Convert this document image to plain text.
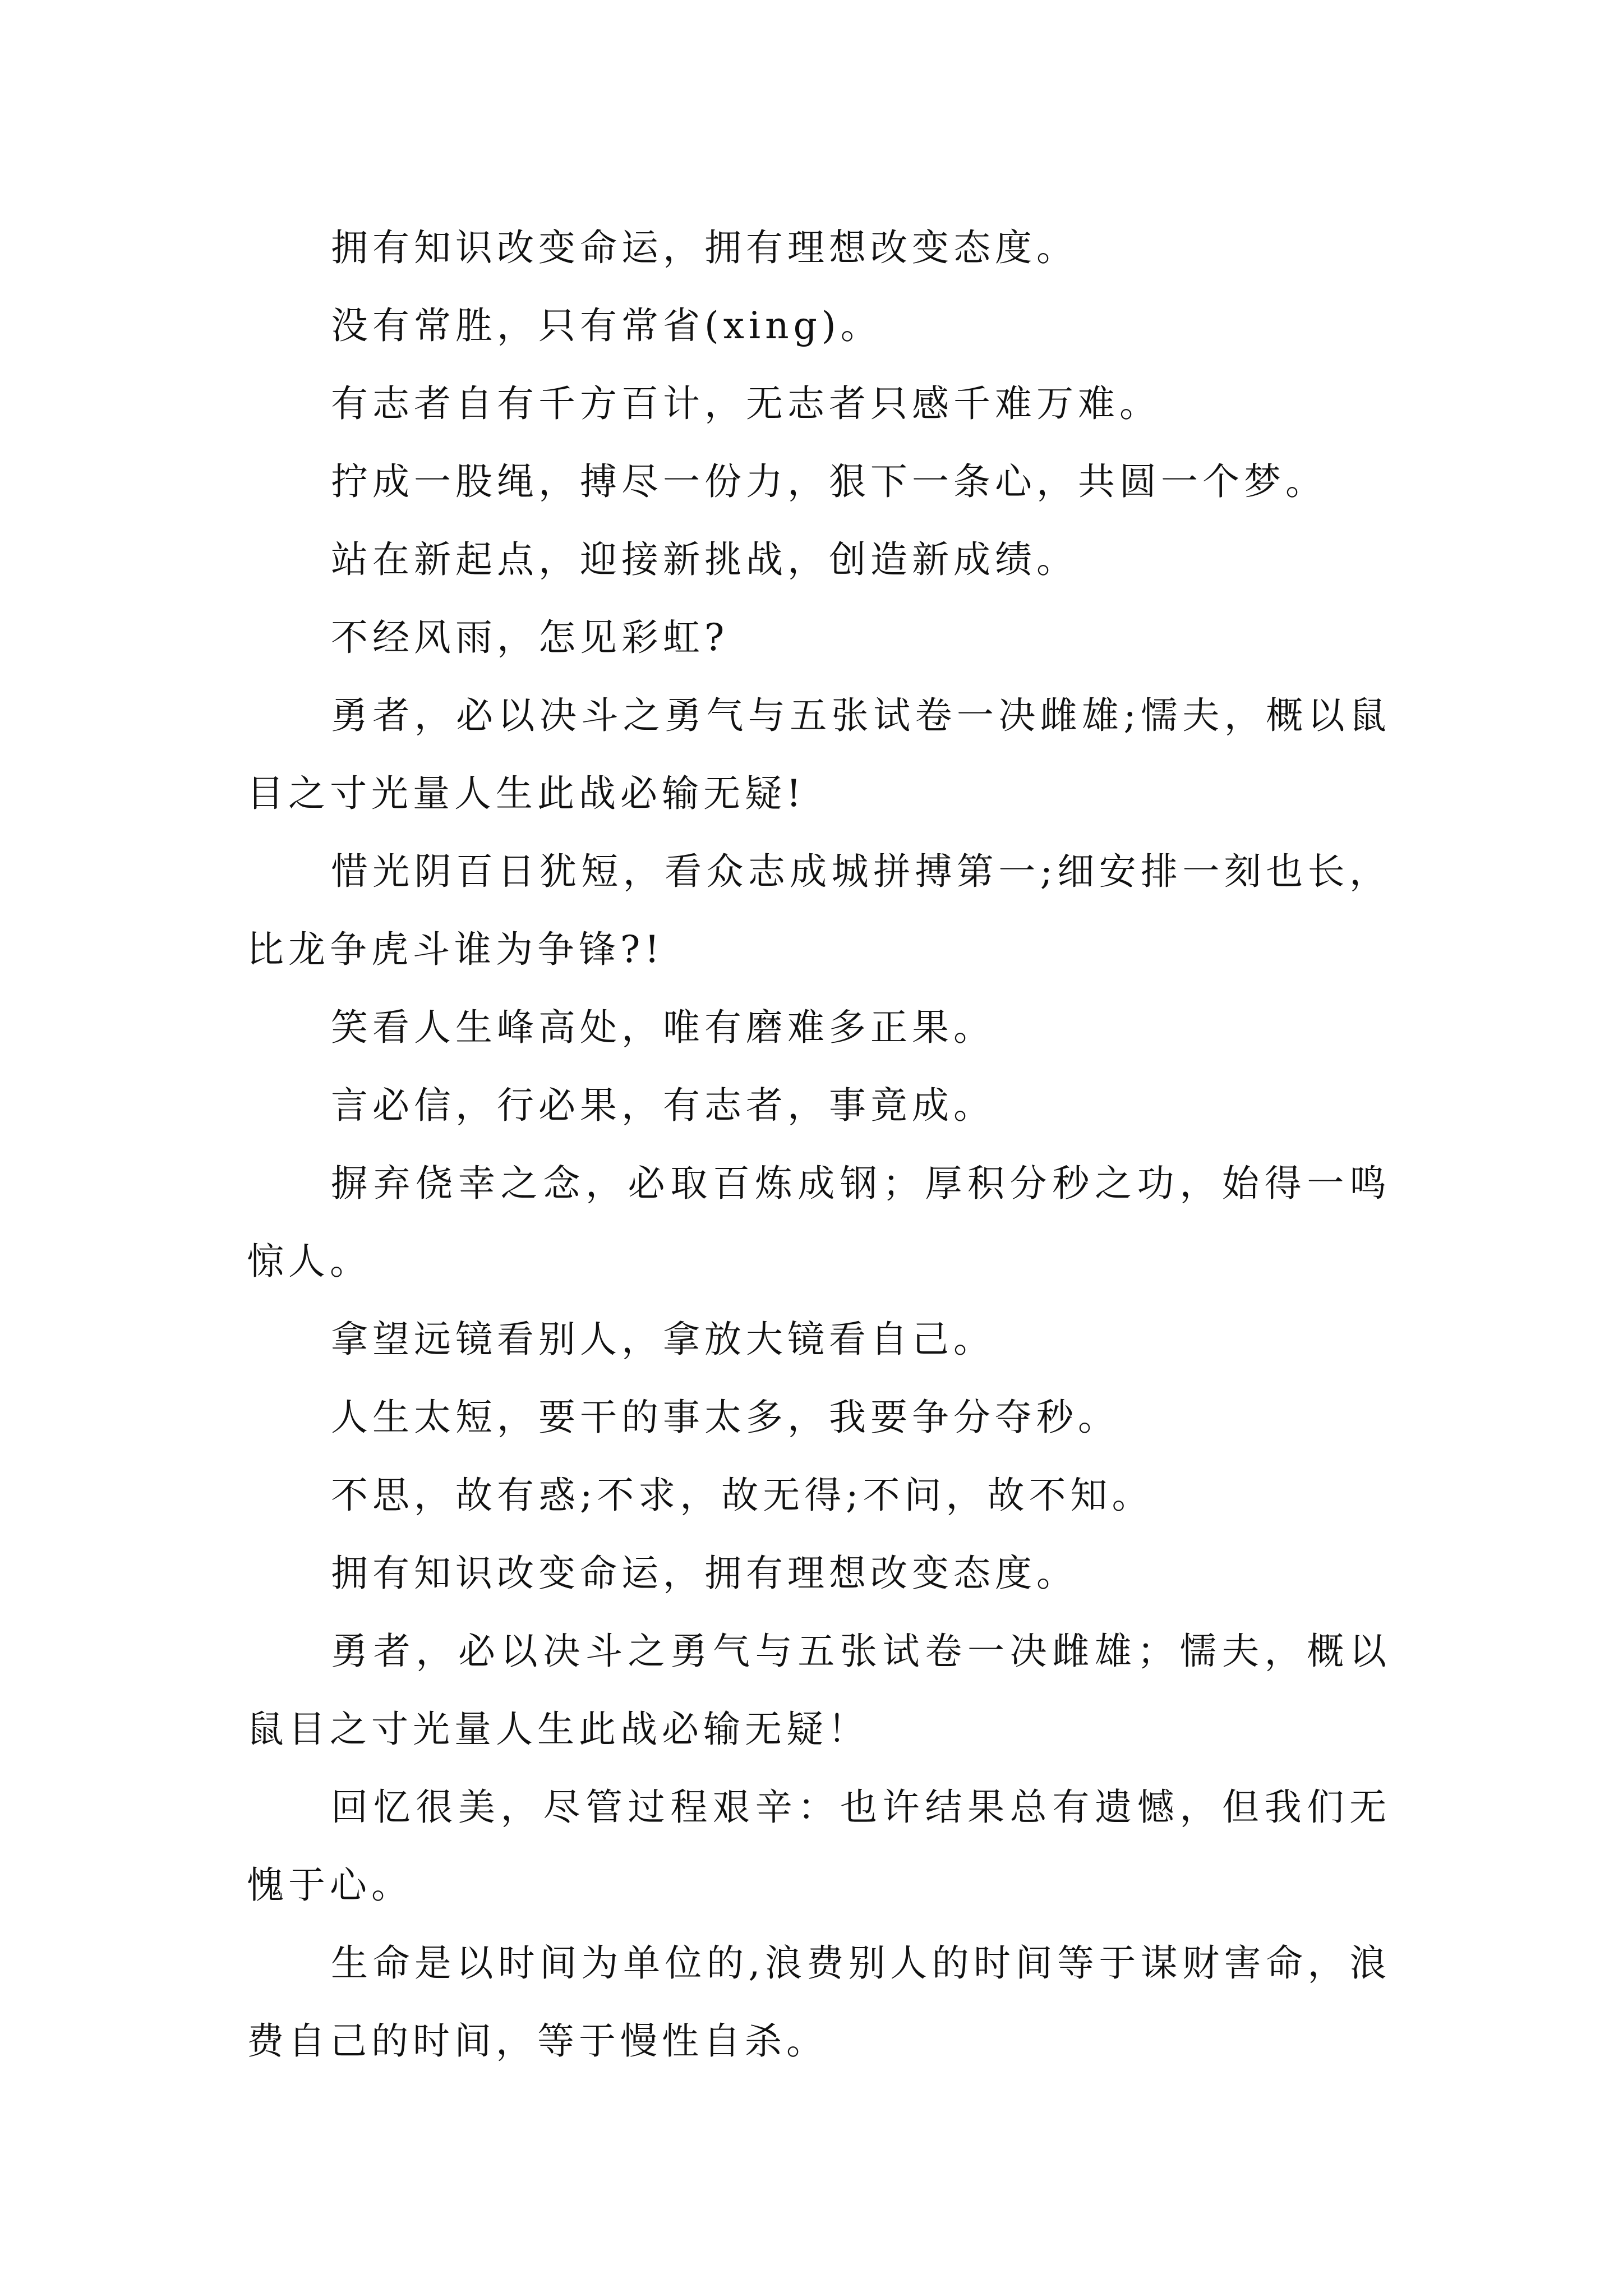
拥有知识改变命运，拥有理想改变态度。

没有常胜，只有常省(xing)。

有志者自有千方百计，无志者只感千难万难。

拧成一股绳，搏尽一份力，狠下一条心，共圆一个梦。

站在新起点，迎接新挑战，创造新成绩。

不经风雨，怎见彩虹?

勇者，必以决斗之勇气与五张试卷一决雌雄;懦夫，概以鼠目之寸光量人生此战必输无疑!

惜光阴百日犹短，看众志成城拼搏第一;细安排一刻也长，比龙争虎斗谁为争锋?!

笑看人生峰高处，唯有磨难多正果。

言必信，行必果，有志者，事竟成。

摒弃侥幸之念，必取百炼成钢；厚积分秒之功，始得一鸣惊人。

拿望远镜看别人，拿放大镜看自己。

人生太短，要干的事太多，我要争分夺秒。

不思，故有惑;不求，故无得;不问，故不知。

拥有知识改变命运，拥有理想改变态度。

勇者，必以决斗之勇气与五张试卷一决雌雄；懦夫，概以鼠目之寸光量人生此战必输无疑！

回忆很美，尽管过程艰辛：也许结果总有遗憾，但我们无愧于心。

生命是以时间为单位的,浪费别人的时间等于谋财害命，浪费自己的时间，等于慢性自杀。
